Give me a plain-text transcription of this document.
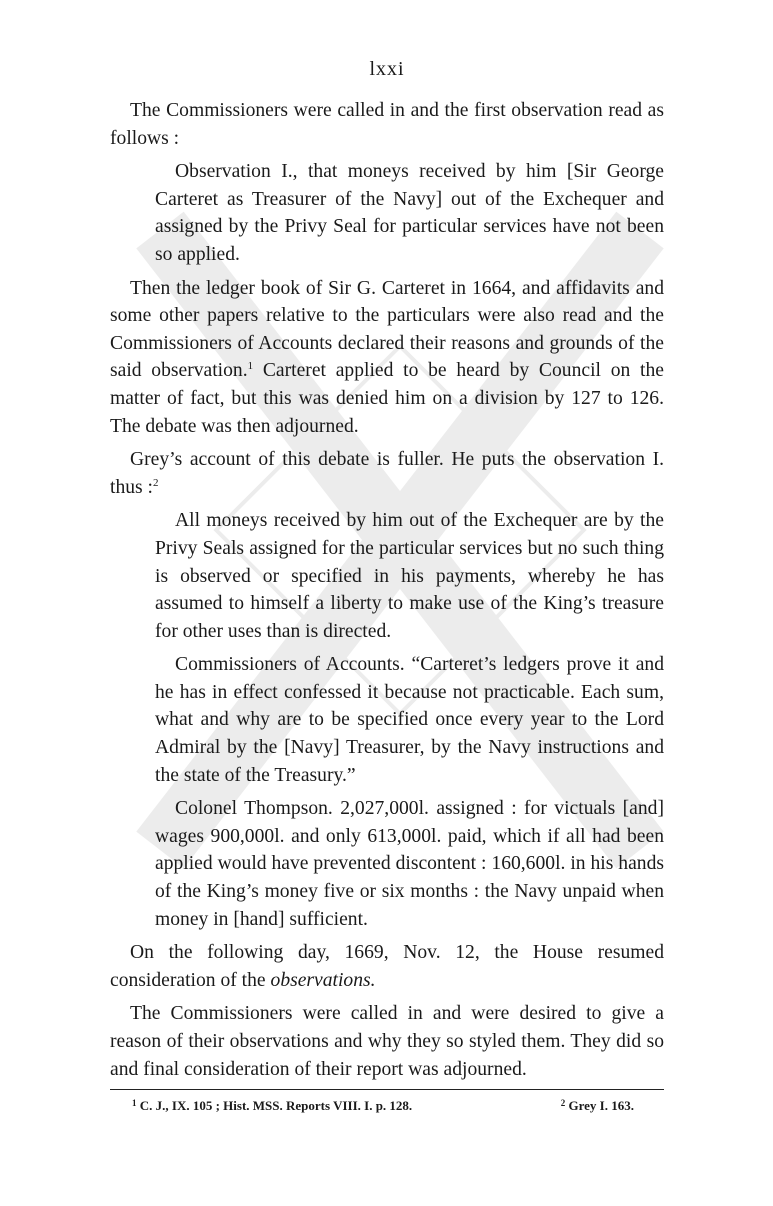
lxxi

The Commissioners were called in and the first observation read as follows :

Observation I., that moneys received by him [Sir George Carteret as Treasurer of the Navy] out of the Exchequer and assigned by the Privy Seal for particular services have not been so applied.

Then the ledger book of Sir G. Carteret in 1664, and affidavits and some other papers relative to the particulars were also read and the Commissioners of Accounts declared their reasons and grounds of the said observation.$^1$ Carteret applied to be heard by Council on the matter of fact, but this was denied him on a division by 127 to 126. The debate was then adjourned.

Grey’s account of this debate is fuller. He puts the observation I. thus :$^2$

All moneys received by him out of the Exchequer are by the Privy Seals assigned for the particular services but no such thing is observed or specified in his payments, whereby he has assumed to himself a liberty to make use of the King’s treasure for other uses than is directed.

Commissioners of Accounts. “Carteret’s ledgers prove it and he has in effect confessed it because not practicable. Each sum, what and why are to be specified once every year to the Lord Admiral by the [Navy] Treasurer, by the Navy instructions and the state of the Treasury.”

Colonel Thompson. 2,027,000l. assigned : for victuals [and] wages 900,000l. and only 613,000l. paid, which if all had been applied would have prevented discontent : 160,600l. in his hands of the King’s money five or six months : the Navy unpaid when money in [hand] sufficient.

On the following day, 1669, Nov. 12, the House resumed consideration of the observations.

The Commissioners were called in and were desired to give a reason of their observations and why they so styled them. They did so and final consideration of their report was adjourned.

$^1$ C. J., IX. 105 ; Hist. MSS. Reports VIII. I. p. 128.	$^2$ Grey I. 163.
